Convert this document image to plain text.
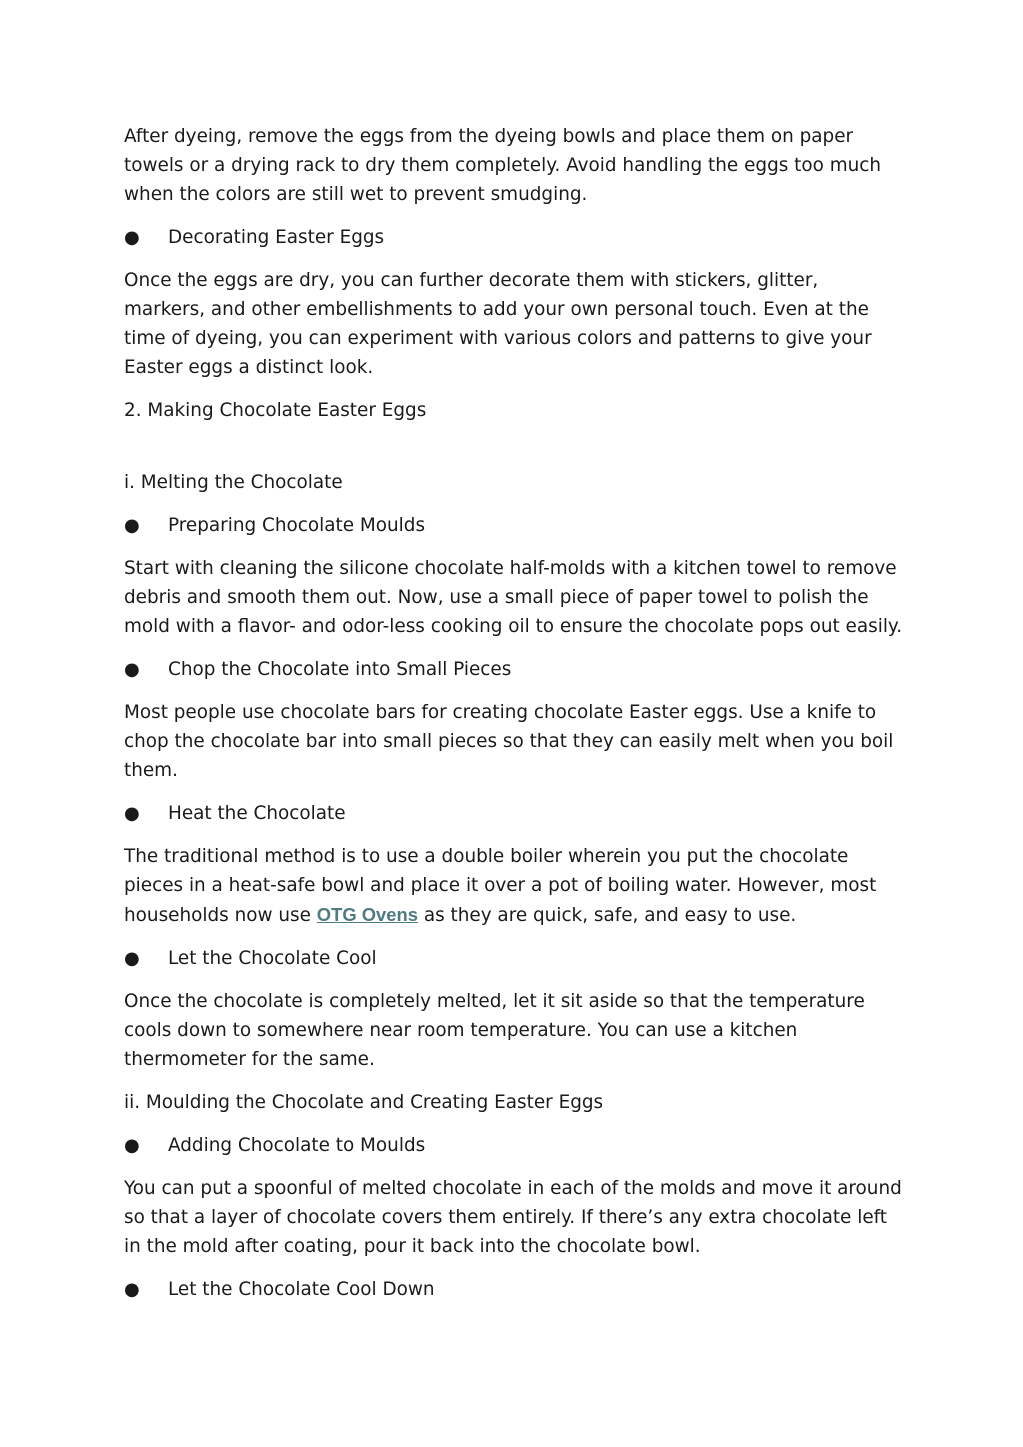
After dyeing, remove the eggs from the dyeing bowls and place them on paper towels or a drying rack to dry them completely. Avoid handling the eggs too much when the colors are still wet to prevent smudging.

●	Decorating Easter Eggs

Once the eggs are dry, you can further decorate them with stickers, glitter, markers, and other embellishments to add your own personal touch. Even at the time of dyeing, you can experiment with various colors and patterns to give your Easter eggs a distinct look.

2. Making Chocolate Easter Eggs

i. Melting the Chocolate

●	Preparing Chocolate Moulds

Start with cleaning the silicone chocolate half-molds with a kitchen towel to remove debris and smooth them out. Now, use a small piece of paper towel to polish the mold with a flavor- and odor-less cooking oil to ensure the chocolate pops out easily.

●	Chop the Chocolate into Small Pieces

Most people use chocolate bars for creating chocolate Easter eggs. Use a knife to chop the chocolate bar into small pieces so that they can easily melt when you boil them.

●	Heat the Chocolate

The traditional method is to use a double boiler wherein you put the chocolate pieces in a heat-safe bowl and place it over a pot of boiling water. However, most households now use OTG Ovens as they are quick, safe, and easy to use.

●	Let the Chocolate Cool

Once the chocolate is completely melted, let it sit aside so that the temperature cools down to somewhere near room temperature. You can use a kitchen thermometer for the same.

ii. Moulding the Chocolate and Creating Easter Eggs

●	Adding Chocolate to Moulds

You can put a spoonful of melted chocolate in each of the molds and move it around so that a layer of chocolate covers them entirely. If there’s any extra chocolate left in the mold after coating, pour it back into the chocolate bowl.

●	Let the Chocolate Cool Down
